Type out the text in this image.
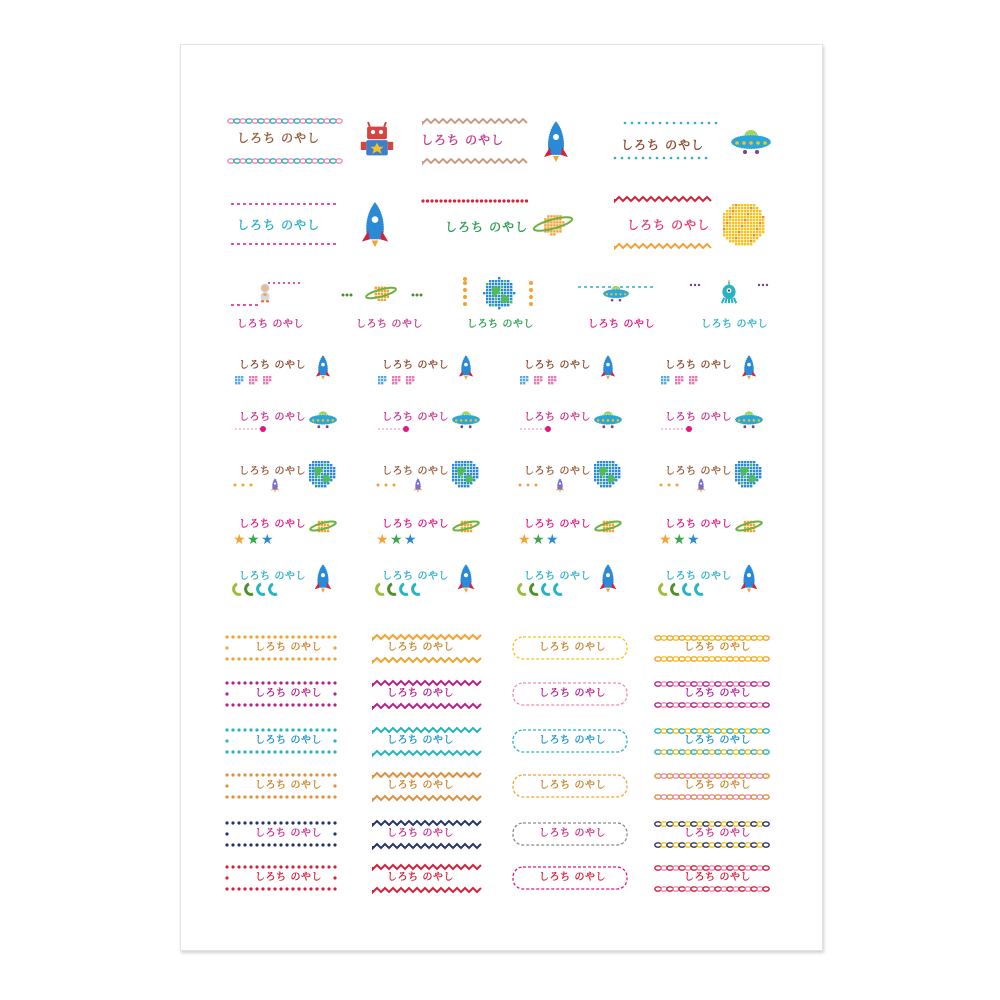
しろち のやし	しろち のやし	しろち のやし
しろち のやし	しろち のやし	しろち のやし
しろち のやし	しろち のやし	しろち のやし	しろち のやし	しろち のやし
しろち のやし
しろち のやし
しろち のやし
★ ★ ★
しろち のやし
しろち のやし
しろち のやし
しろち のやし
しろち のやし
★ ★ ★
しろち のやし
しろち のやし
しろち のやし
しろち のやし
しろち のやし
★ ★ ★
しろち のやし
しろち のやし
しろち のやし
しろち のやし
しろち のやし
★ ★ ★
しろち のやし
しろち のやし
しろち のやし	しろち のやし	しろち のやし	しろち のやし
しろち のやし	しろち のやし	しろち のやし	しろち のやし
しろち のやし	しろち のやし	しろち のやし	しろち のやし
しろち のやし	しろち のやし	しろち のやし	しろち のやし
しろち のやし	しろち のやし	しろち のやし	しろち のやし
しろち のやし	しろち のやし	しろち のやし	しろち のやし
